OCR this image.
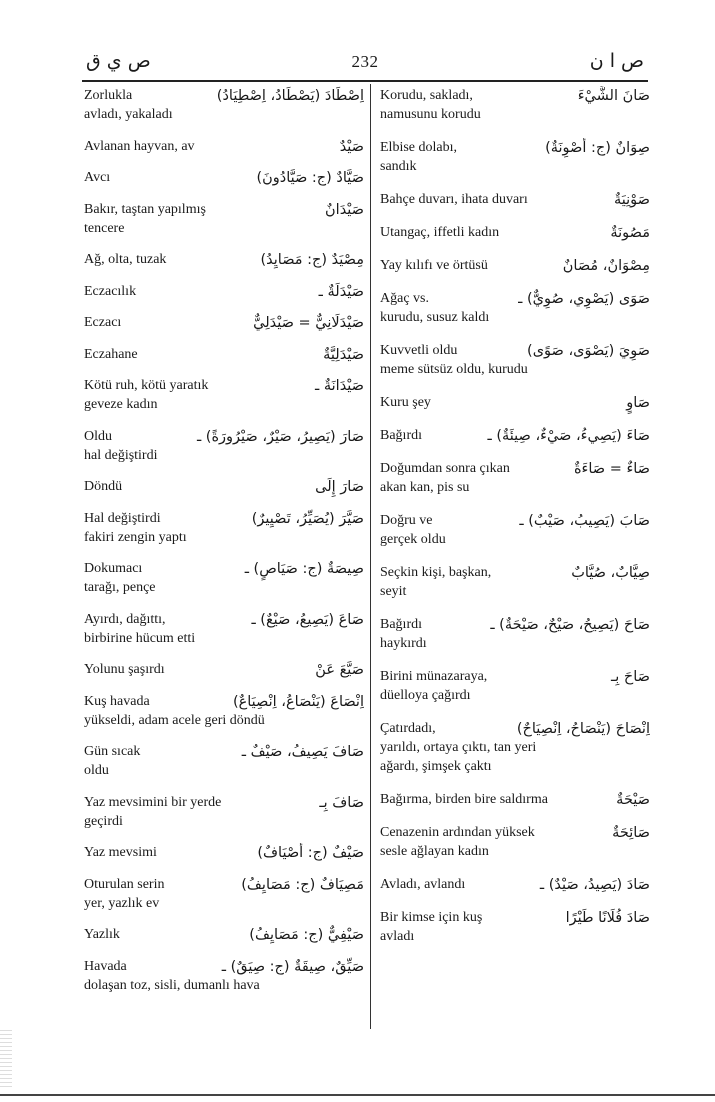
ص ي ق	232	ص ا ن
Zorlukla
avladı, yakaladı
اِصْطَادَ (يَصْطَادُ، اِصْطِيَادُ)
Avlanan hayvan, av	صَيْدٌ
Avcı	صَيَّادٌ (ج: صَيَّادُونَ)
Bakır, taştan yapılmış
tencere
صَيْدَانٌ
Ağ, olta, tuzak	مِصْيَدٌ (ج: مَصَايِدُ)
Eczacılık	صَيْدَلَةٌ ـ
Eczacı	صَيْدَلَانِيٌّ = صَيْدَلِيٌّ
Eczahane	صَيْدَلِيَّةٌ
Kötü ruh, kötü yaratık
geveze kadın
صَيْدَانَةٌ ـ
Oldu
hal değiştirdi
صَارَ (يَصِيرُ، صَيْرٌ، صَيْرُورَةً) ـ
Döndü	صَارَ إِلَى
Hal değiştirdi
fakiri zengin yaptı
صَيَّرَ (يُصَيِّرُ، تَصْيِيرٌ)
Dokumacı
tarağı, pençe
صِيصَةٌ (ج: صَيَاصٍ) ـ
Ayırdı, dağıttı,
birbirine hücum etti
صَاعَ (يَصِيعُ، صَيْعٌ) ـ
Yolunu şaşırdı	صَيَّعَ عَنْ
Kuş havada
yükseldi, adam acele geri döndü
اِنْصَاعَ (يَنْصَاعُ، اِنْصِيَاعٌ)
Gün sıcak
oldu
صَافَ يَصِيفُ، صَيْفٌ ـ
Yaz mevsimini bir yerde
geçirdi
صَافَ بِـ
Yaz mevsimi	صَيْفٌ (ج: أَصْيَافٌ)
Oturulan serin
yer, yazlık ev
مَصِيَافٌ (ج: مَصَايِفُ)
Yazlık	صَيْفِيٌّ (ج: مَصَايِفُ)
Havada
dolaşan toz, sisli, dumanlı hava
صَيِّقٌ، صِيقَةٌ (ج: صِيَقٌ) ـ
Korudu, sakladı,
namusunu korudu
صَانَ الشَّيْءَ
Elbise dolabı,
sandık
صِوَانٌ (ج: أَصْوِنَةٌ)
Bahçe duvarı, ihata duvarı	صَوْنِيَةٌ
Utangaç, iffetli kadın	مَصُونَةٌ
Yay kılıfı ve örtüsü	مِصْوَانٌ، مُصَانٌ
Ağaç vs.
kurudu, susuz kaldı
صَوَى (يَصْوِي، صُوِيٌّ) ـ
Kuvvetli oldu
meme sütsüz oldu, kurudu
صَوِيَ (يَصْوَى، صَوًى)
Kuru şey	صَاوٍ
Bağırdı	صَاءَ (يَصِيءُ، صَيْءٌ، صِيئَةٌ) ـ
Doğumdan sonra çıkan
akan kan, pis su
صَاءٌ = صَاءَةٌ
Doğru ve
gerçek oldu
صَابَ (يَصِيبُ، صَيْبٌ) ـ
Seçkin kişi, başkan,
seyit
صِيَّابٌ، صُيَّابٌ
Bağırdı
haykırdı
صَاحَ (يَصِيحُ، صَيْحٌ، صَيْحَةٌ) ـ
Birini münazaraya,
düelloya çağırdı
صَاحَ بِـ
Çatırdadı,
yarıldı, ortaya çıktı, tan yeri
ağardı, şimşek çaktı
اِنْصَاحَ (يَنْصَاحُ، اِنْصِيَاحٌ)
Bağırma, birden bire saldırma	صَيْحَةٌ
Cenazenin ardından yüksek
sesle ağlayan kadın
صَائِحَةٌ
Avladı, avlandı	صَادَ (يَصِيدُ، صَيْدٌ) ـ
Bir kimse için kuş
avladı
صَادَ فُلَانًا طَيْرًا
